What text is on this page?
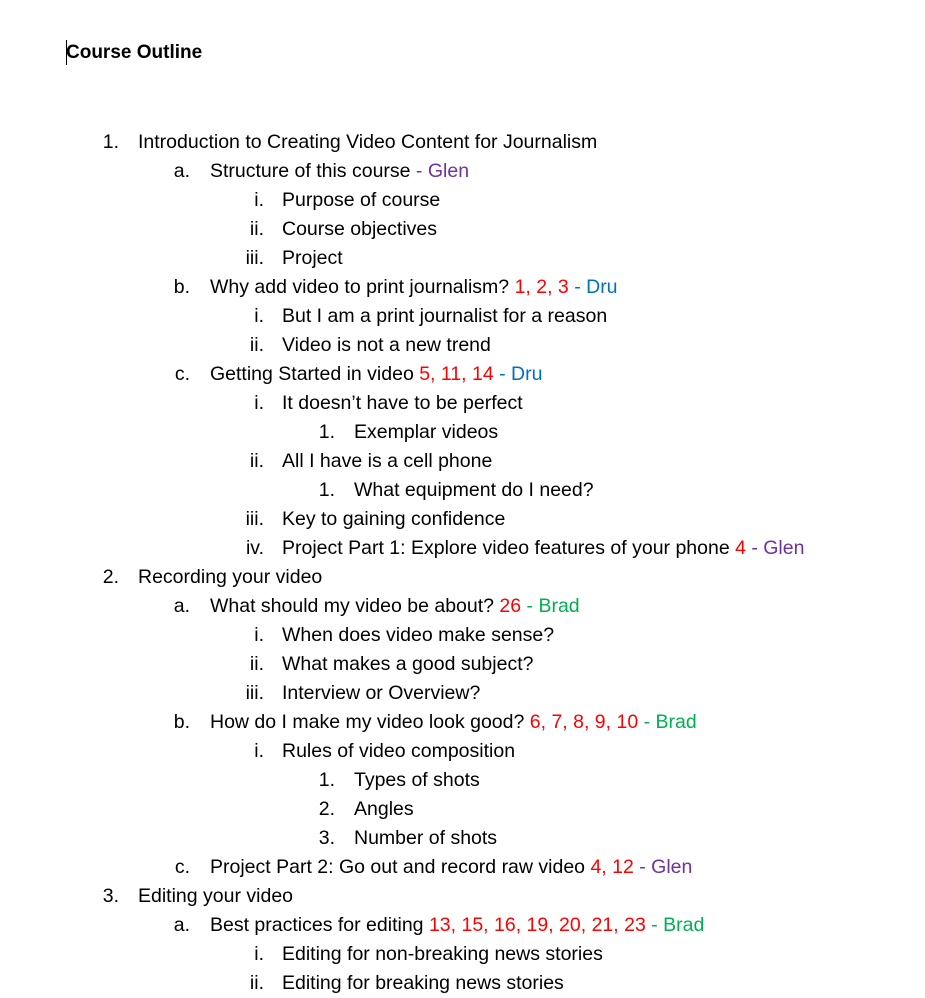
Course Outline
1. Introduction to Creating Video Content for Journalism
a. Structure of this course - Glen
i. Purpose of course
ii. Course objectives
iii. Project
b. Why add video to print journalism? 1, 2, 3 - Dru
i. But I am a print journalist for a reason
ii. Video is not a new trend
c. Getting Started in video 5, 11, 14 - Dru
i. It doesn’t have to be perfect
1. Exemplar videos
ii. All I have is a cell phone
1. What equipment do I need?
iii. Key to gaining confidence
iv. Project Part 1: Explore video features of your phone 4 - Glen
2. Recording your video
a. What should my video be about? 26 - Brad
i. When does video make sense?
ii. What makes a good subject?
iii. Interview or Overview?
b. How do I make my video look good? 6, 7, 8, 9, 10 - Brad
i. Rules of video composition
1. Types of shots
2. Angles
3. Number of shots
c. Project Part 2: Go out and record raw video 4, 12 - Glen
3. Editing your video
a. Best practices for editing 13, 15, 16, 19, 20, 21, 23 - Brad
i. Editing for non-breaking news stories
ii. Editing for breaking news stories
